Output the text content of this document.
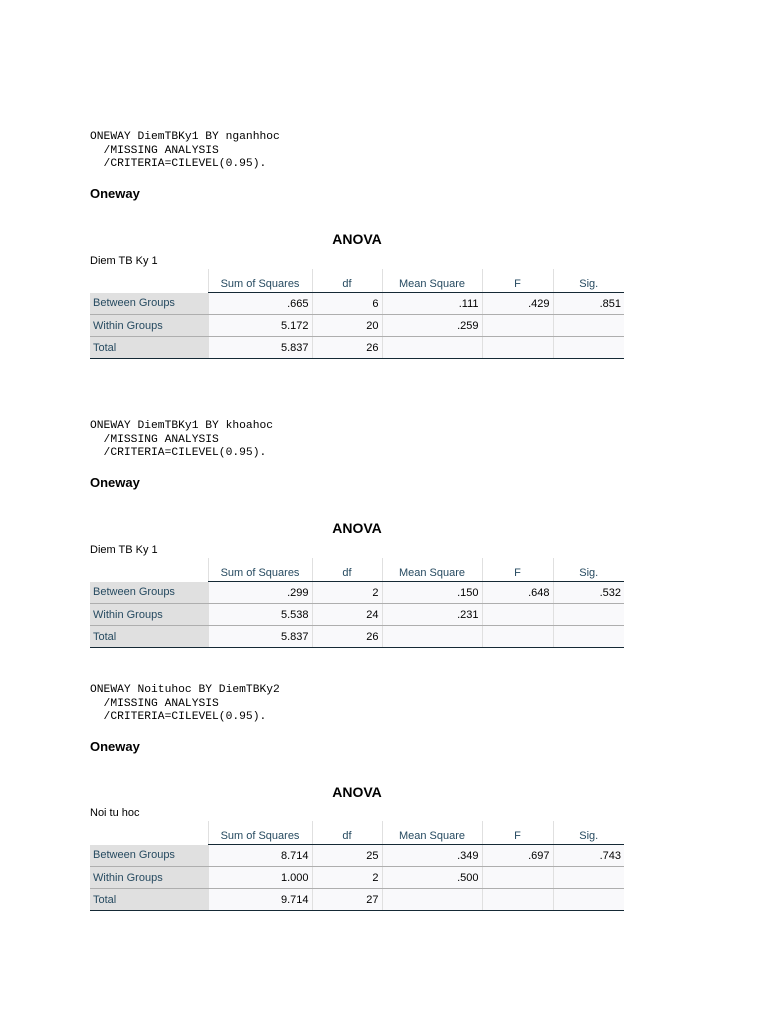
ONEWAY DiemTBKy1 BY nganhhoc
/MISSING ANALYSIS
/CRITERIA=CILEVEL(0.95).
Oneway
ANOVA
Diem TB Ky 1
	Sum of Squares	df	Mean Square	F	Sig.
Between Groups	.665	6	.111	.429	.851
Within Groups	5.172	20	.259		
Total	5.837	26			
ONEWAY DiemTBKy1 BY khoahoc
/MISSING ANALYSIS
/CRITERIA=CILEVEL(0.95).
Oneway
ANOVA
Diem TB Ky 1
	Sum of Squares	df	Mean Square	F	Sig.
Between Groups	.299	2	.150	.648	.532
Within Groups	5.538	24	.231		
Total	5.837	26			
ONEWAY Noituhoc BY DiemTBKy2
/MISSING ANALYSIS
/CRITERIA=CILEVEL(0.95).
Oneway
ANOVA
Noi tu hoc
	Sum of Squares	df	Mean Square	F	Sig.
Between Groups	8.714	25	.349	.697	.743
Within Groups	1.000	2	.500		
Total	9.714	27			
